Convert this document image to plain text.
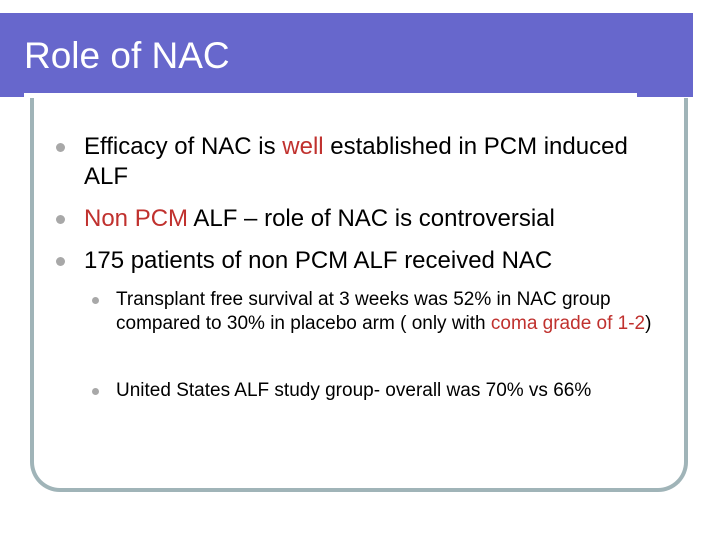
Role of NAC
Efficacy of NAC is well established in PCM induced ALF
Non PCM ALF – role of NAC is controversial
175 patients of non PCM ALF received NAC
Transplant free survival at 3 weeks was 52% in NAC group compared to 30% in placebo arm ( only with coma grade of 1-2)
United States ALF study group- overall was 70% vs 66%
